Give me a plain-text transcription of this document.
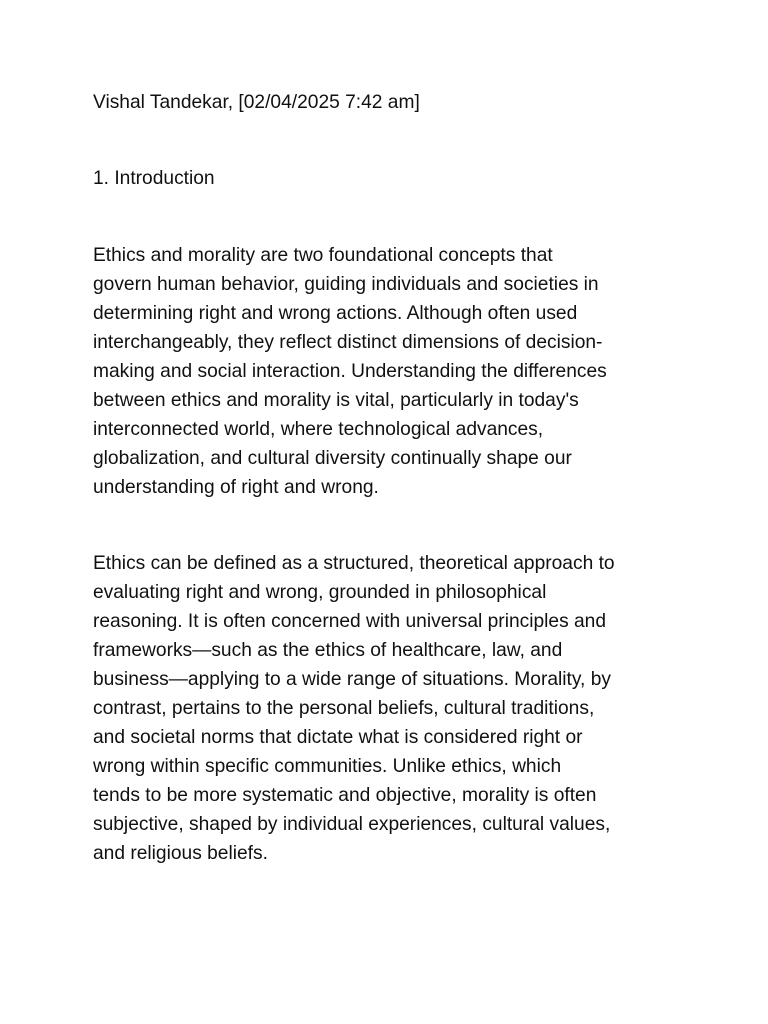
Vishal Tandekar, [02/04/2025 7:42 am]

1. Introduction

Ethics and morality are two foundational concepts that
govern human behavior, guiding individuals and societies in
determining right and wrong actions. Although often used
interchangeably, they reflect distinct dimensions of decision-
making and social interaction. Understanding the differences
between ethics and morality is vital, particularly in today's
interconnected world, where technological advances,
globalization, and cultural diversity continually shape our
understanding of right and wrong.
Ethics can be defined as a structured, theoretical approach to
evaluating right and wrong, grounded in philosophical
reasoning. It is often concerned with universal principles and
frameworks—such as the ethics of healthcare, law, and
business—applying to a wide range of situations. Morality, by
contrast, pertains to the personal beliefs, cultural traditions,
and societal norms that dictate what is considered right or
wrong within specific communities. Unlike ethics, which
tends to be more systematic and objective, morality is often
subjective, shaped by individual experiences, cultural values,
and religious beliefs.
